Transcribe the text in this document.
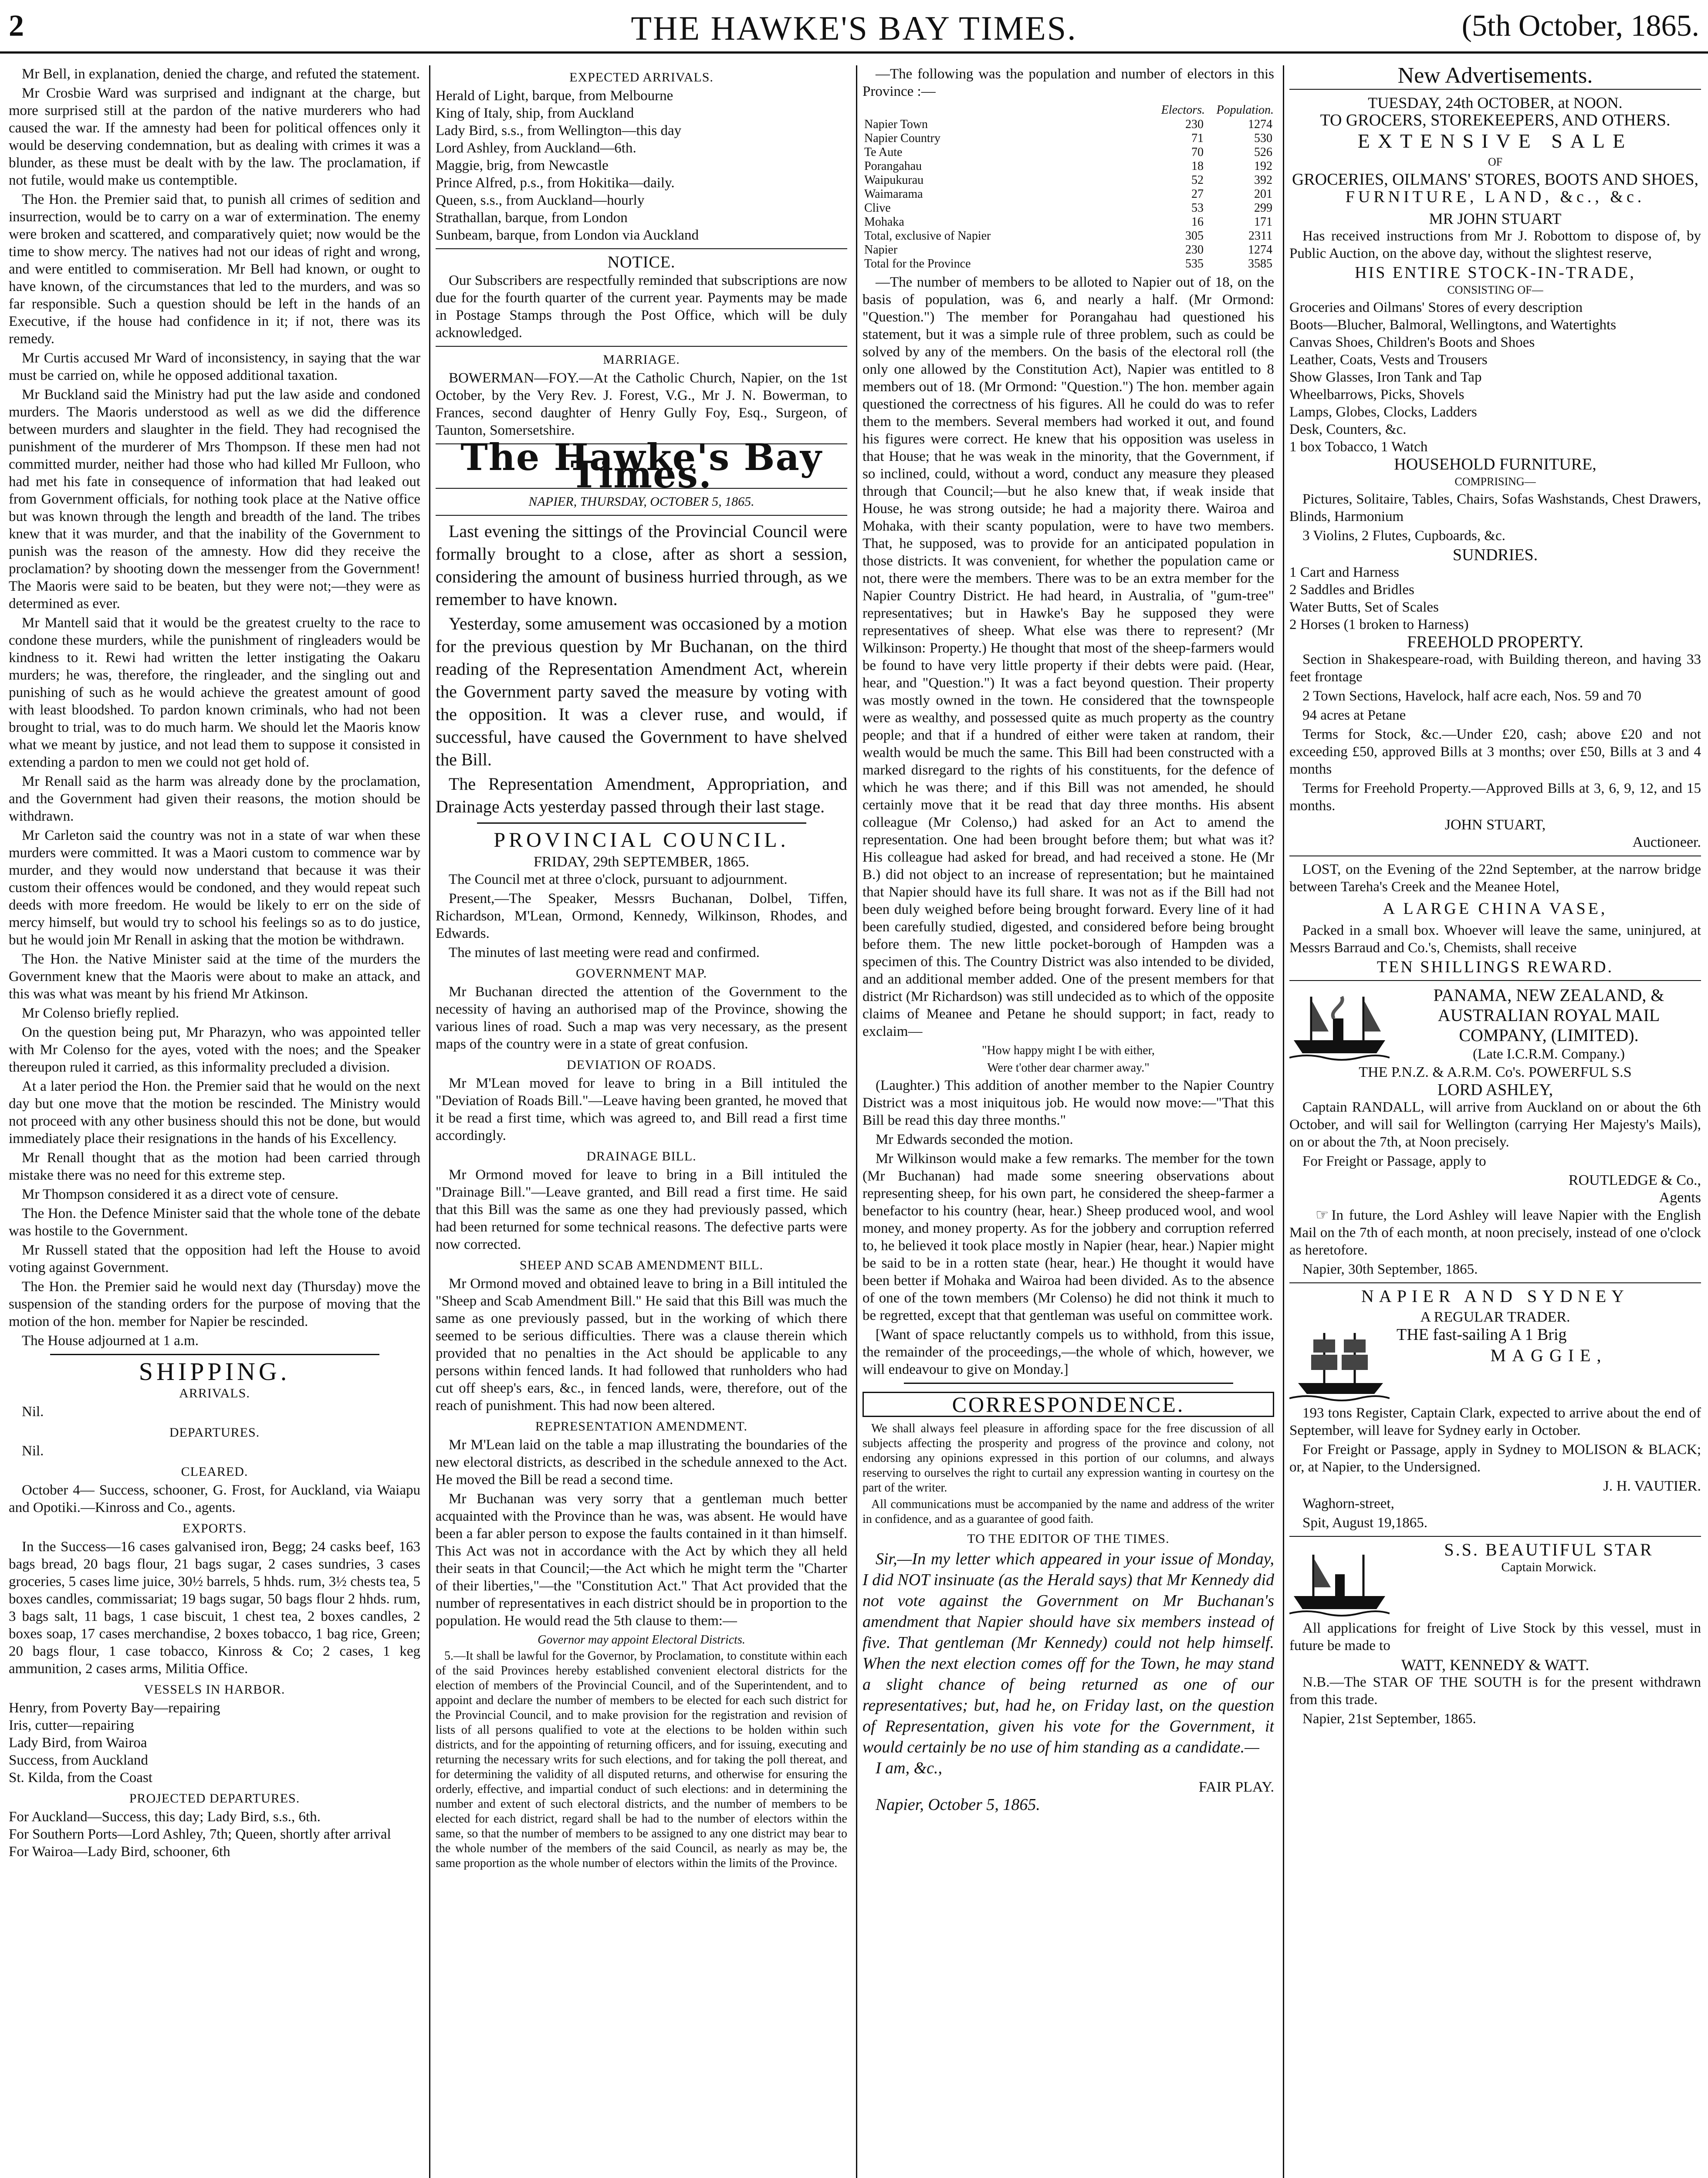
2	THE HAWKE'S BAY TIMES.	(5th October, 1865.

Mr Bell, in explanation, denied the charge, and refuted the statement.

Mr Crosbie Ward was surprised and indignant at the charge, but more surprised still at the pardon of the native murderers who had caused the war. If the amnesty had been for political offences only it would be deserving condemnation, but as dealing with crimes it was a blunder, as these must be dealt with by the law. The proclamation, if not futile, would make us contemptible.

The Hon. the Premier said that, to punish all crimes of sedition and insurrection, would be to carry on a war of extermination. The enemy were broken and scattered, and comparatively quiet; now would be the time to show mercy. The natives had not our ideas of right and wrong, and were entitled to commiseration. Mr Bell had known, or ought to have known, of the circumstances that led to the murders, and was so far responsible. Such a question should be left in the hands of an Executive, if the house had confidence in it; if not, there was its remedy.

Mr Curtis accused Mr Ward of inconsistency, in saying that the war must be carried on, while he opposed additional taxation.

Mr Buckland said the Ministry had put the law aside and condoned murders. The Maoris understood as well as we did the difference between murders and slaughter in the field. They had recognised the punishment of the murderer of Mrs Thompson. If these men had not committed murder, neither had those who had killed Mr Fulloon, who had met his fate in consequence of information that had leaked out from Government officials, for nothing took place at the Native office but was known through the length and breadth of the land. The tribes knew that it was murder, and that the inability of the Government to punish was the reason of the amnesty. How did they receive the proclamation? by shooting down the messenger from the Government! The Maoris were said to be beaten, but they were not;—they were as determined as ever.

Mr Mantell said that it would be the greatest cruelty to the race to condone these murders, while the punishment of ringleaders would be kindness to it. Rewi had written the letter instigating the Oakaru murders; he was, therefore, the ringleader, and the singling out and punishing of such as he would achieve the greatest amount of good with least bloodshed. To pardon known criminals, who had not been brought to trial, was to do much harm. We should let the Maoris know what we meant by justice, and not lead them to suppose it consisted in extending a pardon to men we could not get hold of.

Mr Renall said as the harm was already done by the proclamation, and the Government had given their reasons, the motion should be withdrawn.

Mr Carleton said the country was not in a state of war when these murders were committed. It was a Maori custom to commence war by murder, and they would now understand that because it was their custom their offences would be condoned, and they would repeat such deeds with more freedom. He would be likely to err on the side of mercy himself, but would try to school his feelings so as to do justice, but he would join Mr Renall in asking that the motion be withdrawn.

The Hon. the Native Minister said at the time of the murders the Government knew that the Maoris were about to make an attack, and this was what was meant by his friend Mr Atkinson.

Mr Colenso briefly replied.

On the question being put, Mr Pharazyn, who was appointed teller with Mr Colenso for the ayes, voted with the noes; and the Speaker thereupon ruled it carried, as this informality precluded a division.

At a later period the Hon. the Premier said that he would on the next day but one move that the motion be rescinded. The Ministry would not proceed with any other business should this not be done, but would immediately place their resignations in the hands of his Excellency.

Mr Renall thought that as the motion had been carried through mistake there was no need for this extreme step.

Mr Thompson considered it as a direct vote of censure.

The Hon. the Defence Minister said that the whole tone of the debate was hostile to the Government.

Mr Russell stated that the opposition had left the House to avoid voting against Government.

The Hon. the Premier said he would next day (Thursday) move the suspension of the standing orders for the purpose of moving that the motion of the hon. member for Napier be rescinded.

The House adjourned at 1 a.m.

SHIPPING.
ARRIVALS.

Nil.

DEPARTURES.

Nil.

CLEARED.

October 4— Success, schooner, G. Frost, for Auckland, via Waiapu and Opotiki.—Kinross and Co., agents.

EXPORTS.

In the Success—16 cases galvanised iron, Begg; 24 casks beef, 163 bags bread, 20 bags flour, 21 bags sugar, 2 cases sundries, 3 cases groceries, 5 cases lime juice, 30½ barrels, 5 hhds. rum, 3½ chests tea, 5 boxes candles, commissariat; 19 bags sugar, 50 bags flour 2 hhds. rum, 3 bags salt, 11 bags, 1 case biscuit, 1 chest tea, 2 boxes candles, 2 boxes soap, 17 cases merchandise, 2 boxes tobacco, 1 bag rice, Green; 20 bags flour, 1 case tobacco, Kinross & Co; 2 cases, 1 keg ammunition, 2 cases arms, Militia Office.

VESSELS IN HARBOR.
Henry, from Poverty Bay—repairing
Iris, cutter—repairing
Lady Bird, from Wairoa
Success, from Auckland
St. Kilda, from the Coast
PROJECTED DEPARTURES.
For Auckland—Success, this day; Lady Bird, s.s., 6th.
For Southern Ports—Lord Ashley, 7th; Queen, shortly after arrival
For Wairoa—Lady Bird, schooner, 6th
EXPECTED ARRIVALS.
Herald of Light, barque, from Melbourne
King of Italy, ship, from Auckland
Lady Bird, s.s., from Wellington—this day
Lord Ashley, from Auckland—6th.
Maggie, brig, from Newcastle
Prince Alfred, p.s., from Hokitika—daily.
Queen, s.s., from Auckland—hourly
Strathallan, barque, from London
Sunbeam, barque, from London via Auckland
NOTICE.

Our Subscribers are respectfully reminded that subscriptions are now due for the fourth quarter of the current year. Payments may be made in Postage Stamps through the Post Office, which will be duly acknowledged.

MARRIAGE.

BOWERMAN—FOY.—At the Catholic Church, Napier, on the 1st October, by the Very Rev. J. Forest, V.G., Mr J. N. Bowerman, to Frances, second daughter of Henry Gully Foy, Esq., Surgeon, of Taunton, Somersetshire.

The Hawke's Bay Times.
NAPIER, THURSDAY, OCTOBER 5, 1865.

Last evening the sittings of the Provincial Council were formally brought to a close, after as short a session, considering the amount of business hurried through, as we remember to have known.

Yesterday, some amusement was occasioned by a motion for the previous question by Mr Buchanan, on the third reading of the Representation Amendment Act, wherein the Government party saved the measure by voting with the opposition. It was a clever ruse, and would, if successful, have caused the Government to have shelved the Bill.

The Representation Amendment, Appropriation, and Drainage Acts yesterday passed through their last stage.

PROVINCIAL COUNCIL.
FRIDAY, 29th SEPTEMBER, 1865.

The Council met at three o'clock, pursuant to adjournment.

Present,—The Speaker, Messrs Buchanan, Dolbel, Tiffen, Richardson, M'Lean, Ormond, Kennedy, Wilkinson, Rhodes, and Edwards.

The minutes of last meeting were read and confirmed.

GOVERNMENT MAP.

Mr Buchanan directed the attention of the Government to the necessity of having an authorised map of the Province, showing the various lines of road. Such a map was very necessary, as the present maps of the country were in a state of great confusion.

DEVIATION OF ROADS.

Mr M'Lean moved for leave to bring in a Bill intituled the "Deviation of Roads Bill."—Leave having been granted, he moved that it be read a first time, which was agreed to, and Bill read a first time accordingly.

DRAINAGE BILL.

Mr Ormond moved for leave to bring in a Bill intituled the "Drainage Bill."—Leave granted, and Bill read a first time. He said that this Bill was the same as one they had previously passed, which had been returned for some technical reasons. The defective parts were now corrected.

SHEEP AND SCAB AMENDMENT BILL.

Mr Ormond moved and obtained leave to bring in a Bill intituled the "Sheep and Scab Amendment Bill." He said that this Bill was much the same as one previously passed, but in the working of which there seemed to be serious difficulties. There was a clause therein which provided that no penalties in the Act should be applicable to any persons within fenced lands. It had followed that runholders who had cut off sheep's ears, &c., in fenced lands, were, therefore, out of the reach of punishment. This had now been altered.

REPRESENTATION AMENDMENT.

Mr M'Lean laid on the table a map illustrating the boundaries of the new electoral districts, as described in the schedule annexed to the Act. He moved the Bill be read a second time.

Mr Buchanan was very sorry that a gentleman much better acquainted with the Province than he was, was absent. He would have been a far abler person to expose the faults contained in it than himself. This Act was not in accordance with the Act by which they all held their seats in that Council;—the Act which he might term the "Charter of their liberties,"—the "Constitution Act." That Act provided that the number of representatives in each district should be in proportion to the population. He would read the 5th clause to them:—

Governor may appoint Electoral Districts.

5.—It shall be lawful for the Governor, by Proclamation, to constitute within each of the said Provinces hereby established convenient electoral districts for the election of members of the Provincial Council, and of the Superintendent, and to appoint and declare the number of members to be elected for each such district for the Provincial Council, and to make provision for the registration and revision of lists of all persons qualified to vote at the elections to be holden within such districts, and for the appointing of returning officers, and for issuing, executing and returning the necessary writs for such elections, and for taking the poll thereat, and for determining the validity of all disputed returns, and otherwise for ensuring the orderly, effective, and impartial conduct of such elections: and in determining the number and extent of such electoral districts, and the number of members to be elected for each district, regard shall be had to the number of electors within the same, so that the number of members to be assigned to any one district may bear to the whole number of the members of the said Council, as nearly as may be, the same proportion as the whole number of electors within the limits of the Province.

—The following was the population and number of electors in this Province :—

	Electors.	Population.
Napier Town	230	1274
Napier Country	71	530
Te Aute	70	526
Porangahau	18	192
Waipukurau	52	392
Waimarama	27	201
Clive	53	299
Mohaka	16	171
Total, exclusive of Napier	305	2311
Napier	230	1274
Total for the Province	535	3585

—The number of members to be alloted to Napier out of 18, on the basis of population, was 6, and nearly a half. (Mr Ormond: "Question.") The member for Porangahau had questioned his statement, but it was a simple rule of three problem, such as could be solved by any of the members. On the basis of the electoral roll (the only one allowed by the Constitution Act), Napier was entitled to 8 members out of 18. (Mr Ormond: "Question.") The hon. member again questioned the correctness of his figures. All he could do was to refer them to the members. Several members had worked it out, and found his figures were correct. He knew that his opposition was useless in that House; that he was weak in the minority, that the Government, if so inclined, could, without a word, conduct any measure they pleased through that Council;—but he also knew that, if weak inside that House, he was strong outside; he had a majority there. Wairoa and Mohaka, with their scanty population, were to have two members. That, he supposed, was to provide for an anticipated population in those districts. It was convenient, for whether the population came or not, there were the members. There was to be an extra member for the Napier Country District. He had heard, in Australia, of "gum-tree" representatives; but in Hawke's Bay he supposed they were representatives of sheep. What else was there to represent? (Mr Wilkinson: Property.) He thought that most of the sheep-farmers would be found to have very little property if their debts were paid. (Hear, hear, and "Question.") It was a fact beyond question. Their property was mostly owned in the town. He considered that the townspeople were as wealthy, and possessed quite as much property as the country people; and that if a hundred of either were taken at random, their wealth would be much the same. This Bill had been constructed with a marked disregard to the rights of his constituents, for the defence of which he was there; and if this Bill was not amended, he should certainly move that it be read that day three months. His absent colleague (Mr Colenso,) had asked for an Act to amend the representation. One had been brought before them; but what was it? His colleague had asked for bread, and had received a stone. He (Mr B.) did not object to an increase of representation; but he maintained that Napier should have its full share. It was not as if the Bill had not been duly weighed before being brought forward. Every line of it had been carefully studied, digested, and considered before being brought before them. The new little pocket-borough of Hampden was a specimen of this. The Country District was also intended to be divided, and an additional member added. One of the present members for that district (Mr Richardson) was still undecided as to which of the opposite claims of Meanee and Petane he should support; in fact, ready to exclaim—

"How happy might I be with either,
Were t'other dear charmer away."

(Laughter.) This addition of another member to the Napier Country District was a most iniquitous job. He would now move:—"That this Bill be read this day three months."

Mr Edwards seconded the motion.

Mr Wilkinson would make a few remarks. The member for the town (Mr Buchanan) had made some sneering observations about representing sheep, for his own part, he considered the sheep-farmer a benefactor to his country (hear, hear.) Sheep produced wool, and wool money, and money property. As for the jobbery and corruption referred to, he believed it took place mostly in Napier (hear, hear.) Napier might be said to be in a rotten state (hear, hear.) He thought it would have been better if Mohaka and Wairoa had been divided. As to the absence of one of the town members (Mr Colenso) he did not think it much to be regretted, except that that gentleman was useful on committee work.

[Want of space reluctantly compels us to withhold, from this issue, the remainder of the proceedings,—the whole of which, however, we will endeavour to give on Monday.]

CORRESPONDENCE.

We shall always feel pleasure in affording space for the free discussion of all subjects affecting the prosperity and progress of the province and colony, not endorsing any opinions expressed in this portion of our columns, and always reserving to ourselves the right to curtail any expression wanting in courtesy on the part of the writer.

All communications must be accompanied by the name and address of the writer in confidence, and as a guarantee of good faith.

TO THE EDITOR OF THE TIMES.

Sir,—In my letter which appeared in your issue of Monday, I did NOT insinuate (as the Herald says) that Mr Kennedy did not vote against the Government on Mr Buchanan's amendment that Napier should have six members instead of five. That gentleman (Mr Kennedy) could not help himself. When the next election comes off for the Town, he may stand a slight chance of being returned as one of our representatives; but, had he, on Friday last, on the question of Representation, given his vote for the Government, it would certainly be no use of him standing as a candidate.—

I am, &c.,

FAIR PLAY.

Napier, October 5, 1865.

New Advertisements.
TUESDAY, 24th OCTOBER, at NOON.
TO GROCERS, STOREKEEPERS, AND OTHERS.
EXTENSIVE SALE
OF
GROCERIES, OILMANS' STORES, BOOTS AND SHOES,
FURNITURE, LAND, &c., &c.
MR JOHN STUART

Has received instructions from Mr J. Robottom to dispose of, by Public Auction, on the above day, without the slightest reserve,

HIS ENTIRE STOCK-IN-TRADE,
CONSISTING OF—
Groceries and Oilmans' Stores of every description
Boots—Blucher, Balmoral, Wellingtons, and Watertights
Canvas Shoes, Children's Boots and Shoes
Leather, Coats, Vests and Trousers
Show Glasses, Iron Tank and Tap
Wheelbarrows, Picks, Shovels
Lamps, Globes, Clocks, Ladders
Desk, Counters, &c.
1 box Tobacco, 1 Watch
HOUSEHOLD FURNITURE,
COMPRISING—

Pictures, Solitaire, Tables, Chairs, Sofas Washstands, Chest Drawers, Blinds, Harmonium

3 Violins, 2 Flutes, Cupboards, &c.

SUNDRIES.
1 Cart and Harness
2 Saddles and Bridles
Water Butts, Set of Scales
2 Horses (1 broken to Harness)
FREEHOLD PROPERTY.

Section in Shakespeare-road, with Building thereon, and having 33 feet frontage

2 Town Sections, Havelock, half acre each, Nos. 59 and 70

94 acres at Petane

Terms for Stock, &c.—Under £20, cash; above £20 and not exceeding £50, approved Bills at 3 months; over £50, Bills at 3 and 4 months

Terms for Freehold Property.—Approved Bills at 3, 6, 9, 12, and 15 months.

JOHN STUART,
Auctioneer.

LOST, on the Evening of the 22nd September, at the narrow bridge between Tareha's Creek and the Meanee Hotel,

A LARGE CHINA VASE,

Packed in a small box. Whoever will leave the same, uninjured, at Messrs Barraud and Co.'s, Chemists, shall receive

TEN SHILLINGS REWARD.
PANAMA, NEW ZEALAND, & AUSTRALIAN ROYAL MAIL COMPANY, (LIMITED).
(Late I.C.R.M. Company.)
THE P.N.Z. & A.R.M. Co's. POWERFUL S.S
LORD ASHLEY,

Captain RANDALL, will arrive from Auckland on or about the 6th October, and will sail for Wellington (carrying Her Majesty's Mails), on or about the 7th, at Noon precisely.

For Freight or Passage, apply to

ROUTLEDGE & Co.,
Agents

☞ In future, the Lord Ashley will leave Napier with the English Mail on the 7th of each month, at noon precisely, instead of one o'clock as heretofore.

Napier, 30th September, 1865.

NAPIER AND SYDNEY
A REGULAR TRADER.
THE fast-sailing A 1 Brig
MAGGIE,

193 tons Register, Captain Clark, expected to arrive about the end of September, will leave for Sydney early in October.

For Freight or Passage, apply in Sydney to MOLISON & BLACK; or, at Napier, to the Undersigned.

J. H. VAUTIER.

Waghorn-street,

Spit, August 19,1865.

S.S. BEAUTIFUL STAR
Captain Morwick.

All applications for freight of Live Stock by this vessel, must in future be made to

WATT, KENNEDY & WATT.

N.B.—The STAR OF THE SOUTH is for the present withdrawn from this trade.

Napier, 21st September, 1865.
